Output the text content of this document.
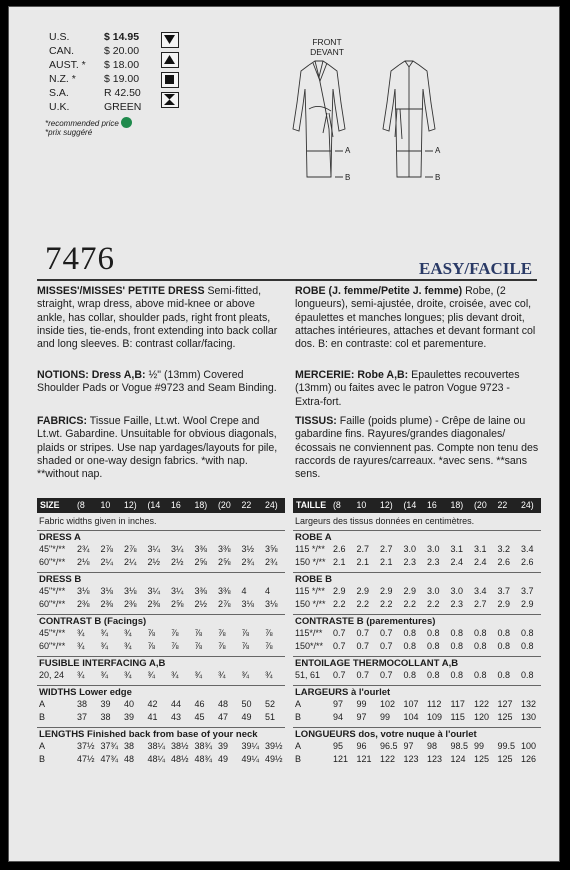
U.S.	$ 14.95
CAN.	$ 20.00
AUST. *	$ 18.00
N.Z. *	$ 19.00
S.A.	R 42.50
U.K.	GREEN
*recommended price
*prix suggéré
FRONT
DEVANT
A
B
A
B
7476	EASY/FACILE

MISSES'/MISSES' PETITE DRESS Semi-fitted, straight, wrap dress, above mid-knee or above ankle, has collar, shoulder pads, right front pleats, inside ties, tie-ends, front extending into back collar and long sleeves. B: contrast collar/facing.

NOTIONS: Dress A,B: ½" (13mm) Covered Shoulder Pads or Vogue #9723 and Seam Binding.

FABRICS: Tissue Faille, Lt.wt. Wool Crepe and Lt.wt. Gabardine. Unsuitable for obvious diagonals, plaids or stripes. Use nap yardages/layouts for pile, shaded or one-way design fabrics. *with nap. **without nap.

ROBE (J. femme/Petite J. femme) Robe, (2 longueurs), semi-ajustée, droite, croisée, avec col, épaulettes et manches longues; plis devant droit, attaches intérieures, attaches et devant formant col dos. B: en contraste: col et parementure.

MERCERIE: Robe A,B: Epaulettes recouvertes (13mm) ou faites avec le patron Vogue 9723 - Extra-fort.

TISSUS: Faille (poids plume) - Crêpe de laine ou gabardine fins. Rayures/grandes diagonales/écossais ne conviennent pas. Compte non tenu des raccords de rayures/carreaux. *avec sens. **sans sens.

SIZE (8 10 12) (14 16 18) (20 22 24)
Fabric widths given in inches.
DRESS A
45"*/** 2¾ 2⅞ 2⅞ 3¼ 3¼ 3⅜ 3⅜ 3½ 3⅝
60"*/** 2⅛ 2¼ 2¼ 2½ 2½ 2⅝ 2⅝ 2¾ 2¾
DRESS B
45"*/** 3⅛ 3⅛ 3⅛ 3¼ 3¼ 3⅜ 3⅜ 4 4
60"*/** 2⅜ 2⅜ 2⅜ 2⅜ 2⅝ 2½ 2⅞ 3⅛ 3⅛
CONTRAST B (Facings)
45"*/** ¾ ¾ ¾ ⅞ ⅞ ⅞ ⅞ ⅞ ⅞
60"*/** ¾ ¾ ¾ ⅞ ⅞ ⅞ ⅞ ⅞ ⅞
FUSIBLE INTERFACING A,B
20, 24 ¾ ¾ ¾ ¾ ¾ ¾ ¾ ¾ ¾
WIDTHS Lower edge
A	38 39 40 42 44 46 48 50 52
B	37 38 39 41 43 45 47 49 51
LENGTHS Finished back from base of your neck
A	37½ 37¾ 38 38¼ 38½ 38¾ 39 39¼ 39½
B	47½ 47¾ 48 48¼ 48½ 48¾ 49 49¼ 49½
TAILLE (8 10 12) (14 16 18) (20 22 24)
Largeurs des tissus données en centimètres.
ROBE A
115 */** 2.6 2.7 2.7 3.0 3.0 3.1 3.1 3.2 3.4
150 */** 2.1 2.1 2.1 2.3 2.3 2.4 2.4 2.6 2.6
ROBE B
115 */** 2.9 2.9 2.9 2.9 3.0 3.0 3.4 3.7 3.7
150 */** 2.2 2.2 2.2 2.2 2.2 2.3 2.7 2.9 2.9
CONTRASTE B (parementures)
115*/** 0.7 0.7 0.7 0.8 0.8 0.8 0.8 0.8 0.8
150*/** 0.7 0.7 0.7 0.8 0.8 0.8 0.8 0.8 0.8
ENTOILAGE THERMOCOLLANT A,B
51, 61 0.7 0.7 0.7 0.8 0.8 0.8 0.8 0.8 0.8
LARGEURS à l'ourlet
A	97 99 102 107 112 117 122 127 132
B	94 97 99 104 109 115 120 125 130
LONGUEURS dos, votre nuque à l'ourlet
A	95 96 96.5 97 98 98.5 99 99.5 100
B	121 121 122 123 123 124 125 125 126
